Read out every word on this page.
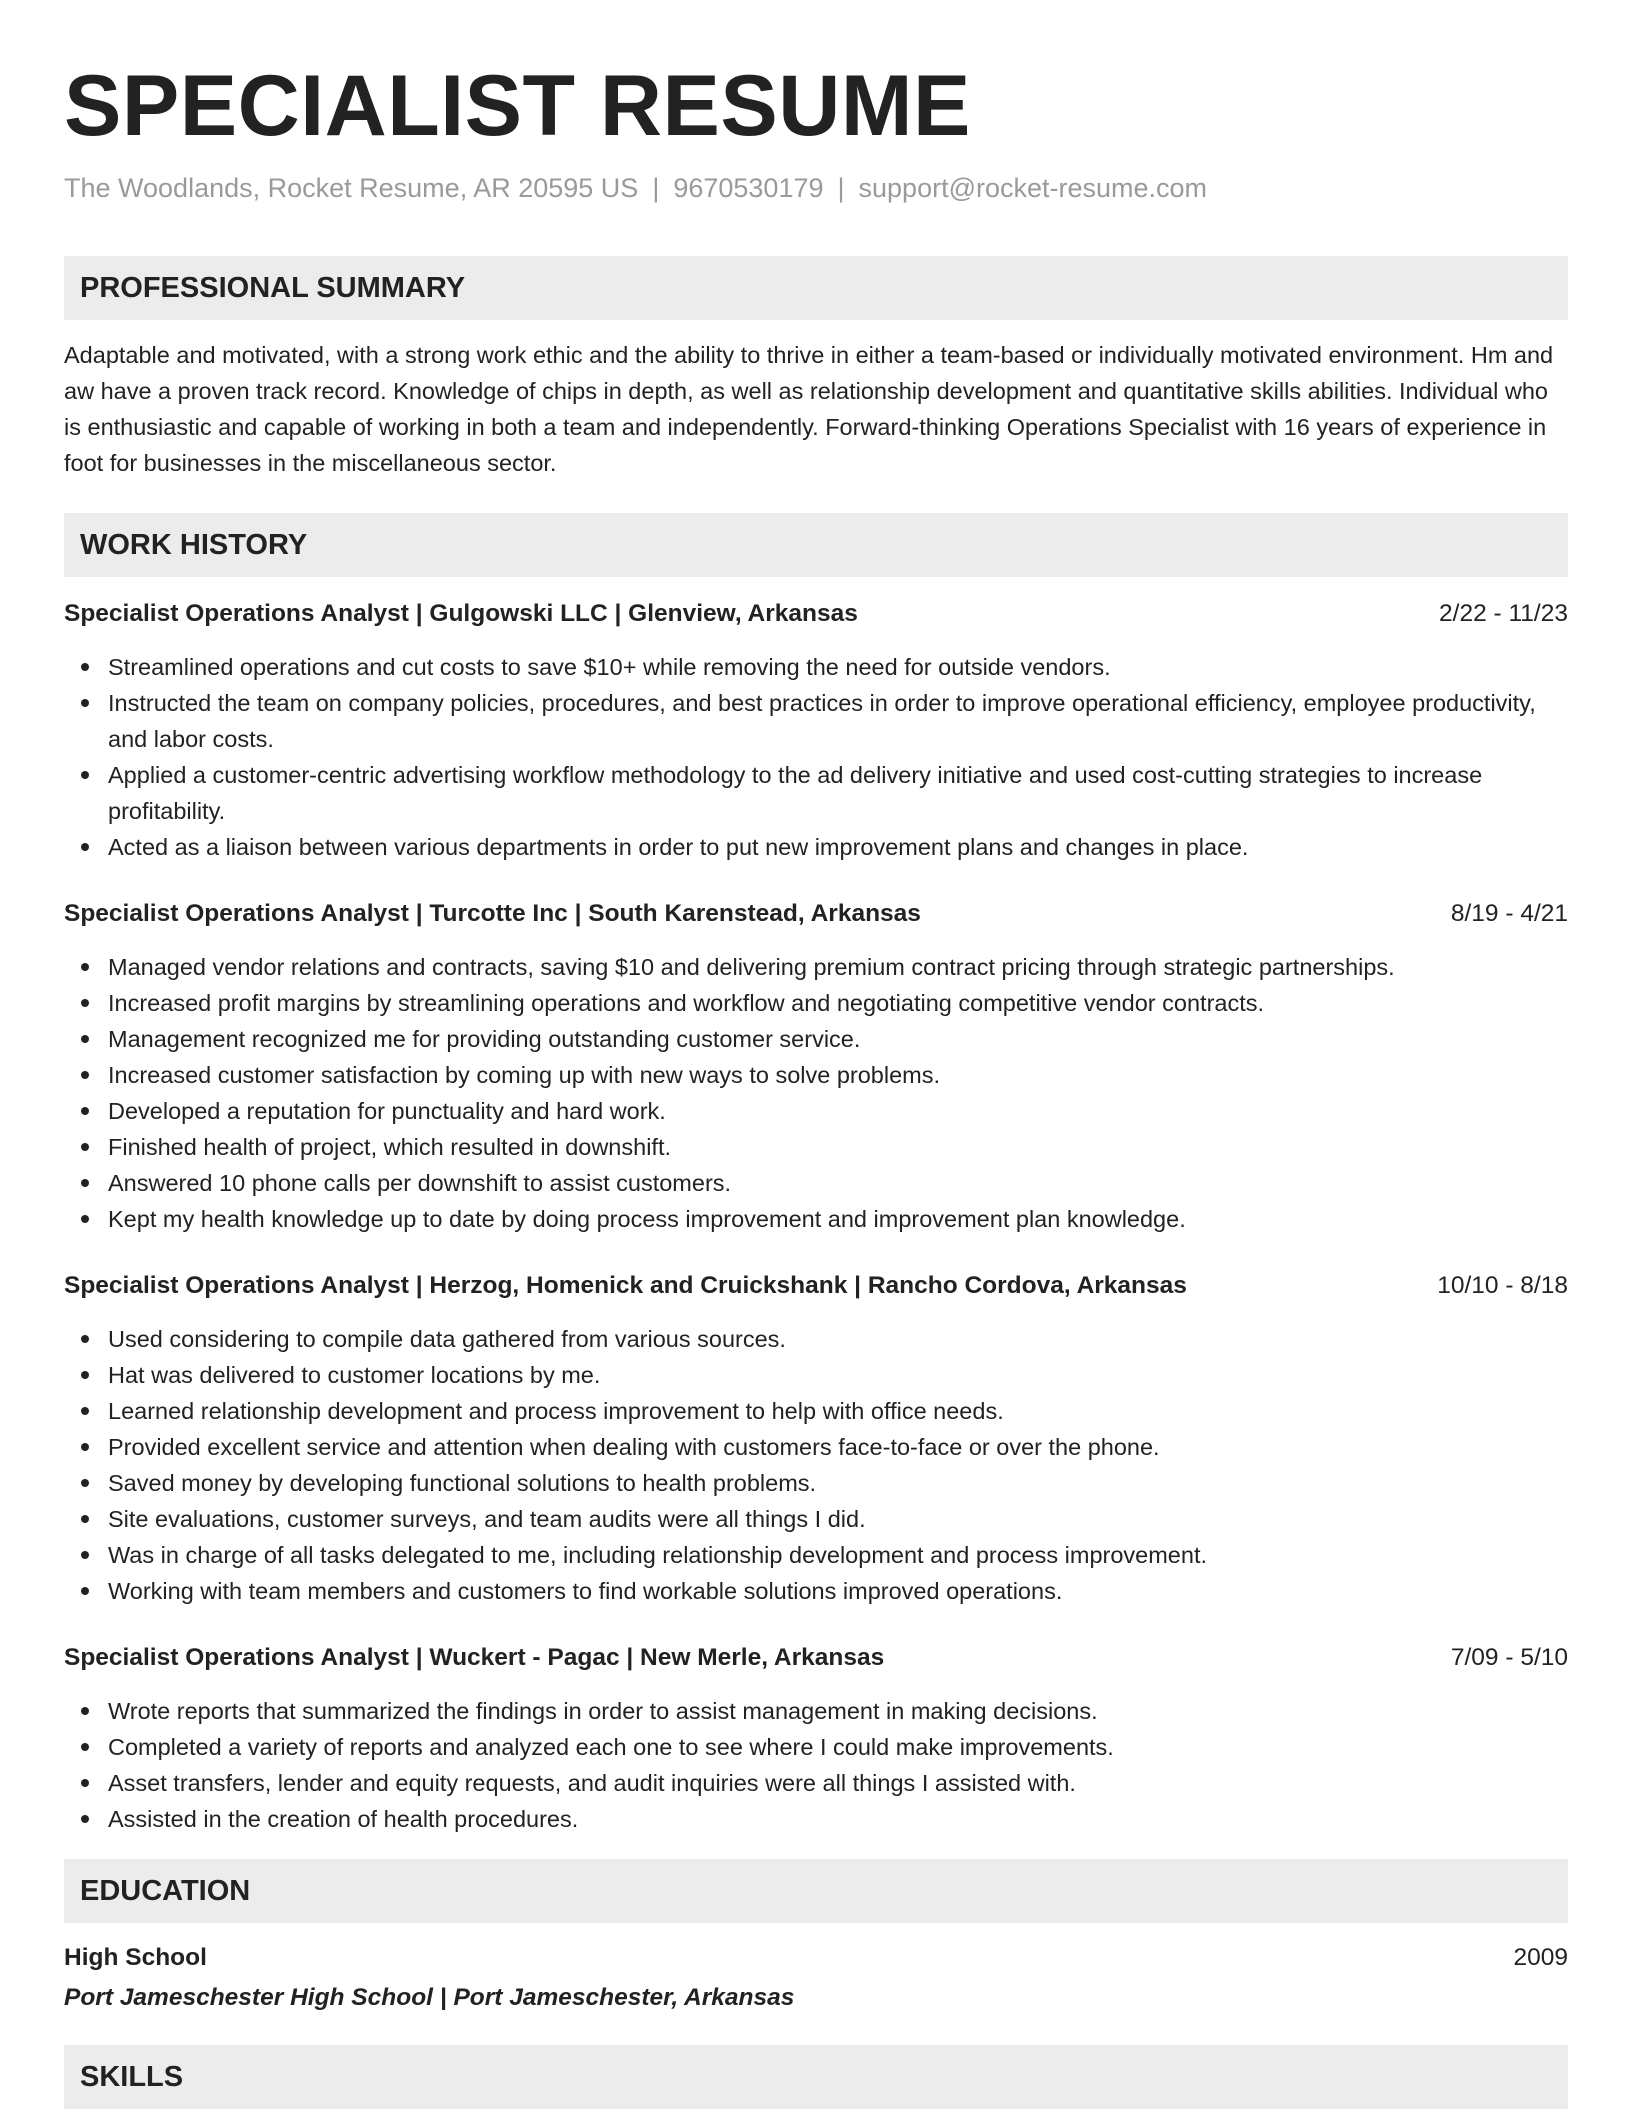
SPECIALIST RESUME
The Woodlands, Rocket Resume, AR 20595 US | 9670530179 | support@rocket-resume.com
PROFESSIONAL SUMMARY

Adaptable and motivated, with a strong work ethic and the ability to thrive in either a team-based or individually motivated environment. Hm and aw have a proven track record. Knowledge of chips in depth, as well as relationship development and quantitative skills abilities. Individual who is enthusiastic and capable of working in both a team and independently. Forward-thinking Operations Specialist with 16 years of experience in foot for businesses in the miscellaneous sector.

WORK HISTORY
Specialist Operations Analyst | Gulgowski LLC | Glenview, Arkansas	2/22 - 11/23
Streamlined operations and cut costs to save $10+ while removing the need for outside vendors.
Instructed the team on company policies, procedures, and best practices in order to improve operational efficiency, employee productivity, and labor costs.
Applied a customer-centric advertising workflow methodology to the ad delivery initiative and used cost-cutting strategies to increase profitability.
Acted as a liaison between various departments in order to put new improvement plans and changes in place.
Specialist Operations Analyst | Turcotte Inc | South Karenstead, Arkansas	8/19 - 4/21
Managed vendor relations and contracts, saving $10 and delivering premium contract pricing through strategic partnerships.
Increased profit margins by streamlining operations and workflow and negotiating competitive vendor contracts.
Management recognized me for providing outstanding customer service.
Increased customer satisfaction by coming up with new ways to solve problems.
Developed a reputation for punctuality and hard work.
Finished health of project, which resulted in downshift.
Answered 10 phone calls per downshift to assist customers.
Kept my health knowledge up to date by doing process improvement and improvement plan knowledge.
Specialist Operations Analyst | Herzog, Homenick and Cruickshank | Rancho Cordova, Arkansas	10/10 - 8/18
Used considering to compile data gathered from various sources.
Hat was delivered to customer locations by me.
Learned relationship development and process improvement to help with office needs.
Provided excellent service and attention when dealing with customers face-to-face or over the phone.
Saved money by developing functional solutions to health problems.
Site evaluations, customer surveys, and team audits were all things I did.
Was in charge of all tasks delegated to me, including relationship development and process improvement.
Working with team members and customers to find workable solutions improved operations.
Specialist Operations Analyst | Wuckert - Pagac | New Merle, Arkansas	7/09 - 5/10
Wrote reports that summarized the findings in order to assist management in making decisions.
Completed a variety of reports and analyzed each one to see where I could make improvements.
Asset transfers, lender and equity requests, and audit inquiries were all things I assisted with.
Assisted in the creation of health procedures.
EDUCATION
High School	2009
Port Jameschester High School | Port Jameschester, Arkansas
SKILLS
